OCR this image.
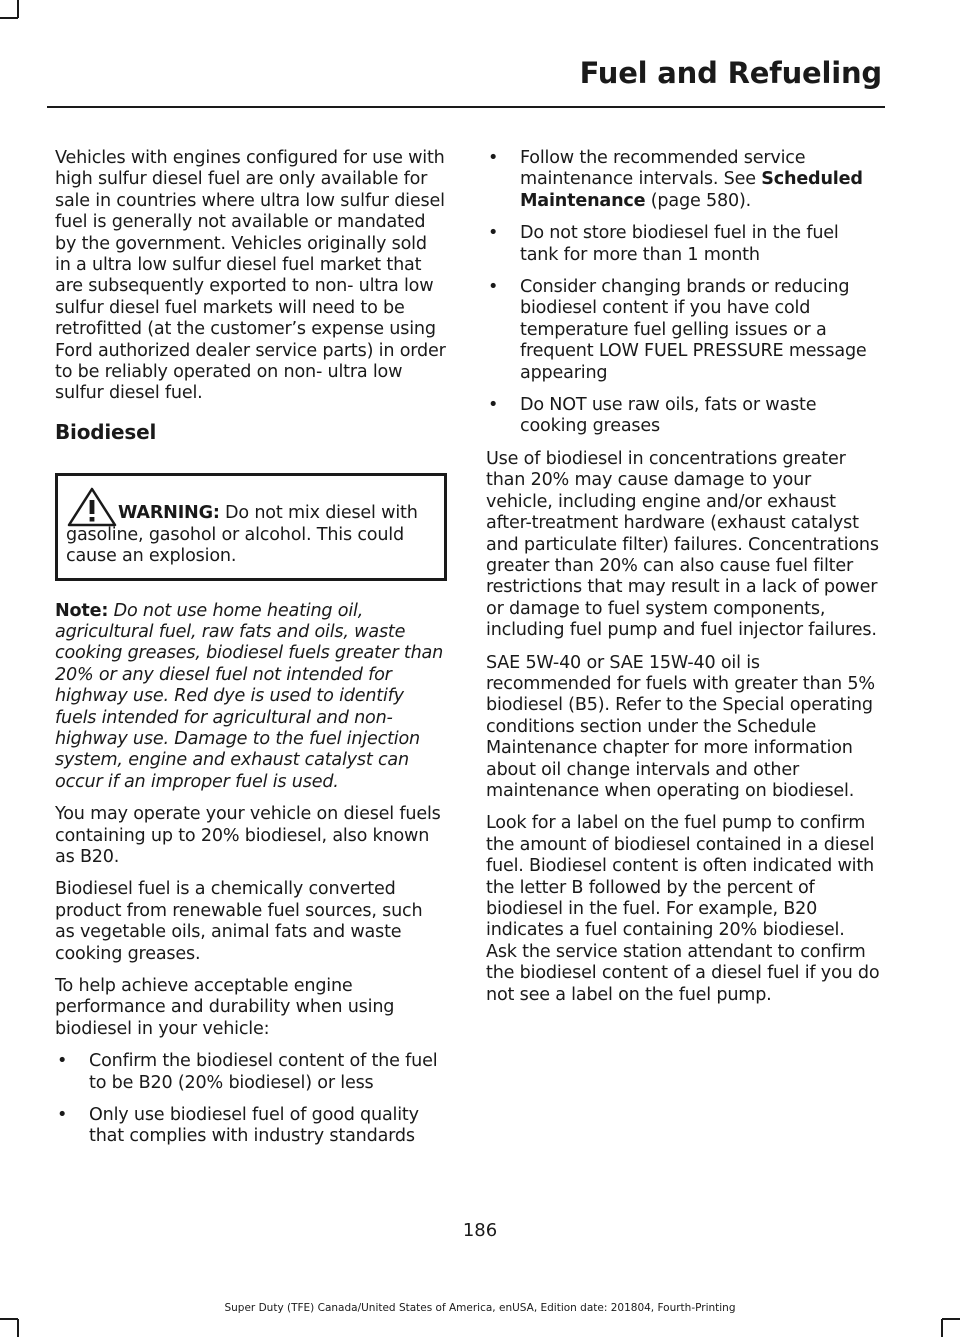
Fuel and Refueling

Vehicles with engines configured for use with high sulfur diesel fuel are only available for sale in countries where ultra low sulfur diesel fuel is generally not available or mandated by the government. Vehicles originally sold in a ultra low sulfur diesel fuel market that are subsequently exported to non- ultra low sulfur diesel fuel markets will need to be retrofitted (at the customer’s expense using Ford authorized dealer service parts) in order to be reliably operated on non- ultra low sulfur diesel fuel.

Biodiesel

WARNING: Do not mix diesel with gasoline, gasohol or alcohol. This could cause an explosion.

Note: Do not use home heating oil, agricultural fuel, raw fats and oils, waste cooking greases, biodiesel fuels greater than 20% or any diesel fuel not intended for highway use. Red dye is used to identify fuels intended for agricultural and non-highway use. Damage to the fuel injection system, engine and exhaust catalyst can occur if an improper fuel is used.

You may operate your vehicle on diesel fuels containing up to 20% biodiesel, also known as B20.

Biodiesel fuel is a chemically converted product from renewable fuel sources, such as vegetable oils, animal fats and waste cooking greases.

To help achieve acceptable engine performance and durability when using biodiesel in your vehicle:

• Confirm the biodiesel content of the fuel to be B20 (20% biodiesel) or less
• Only use biodiesel fuel of good quality that complies with industry standards
• Follow the recommended service maintenance intervals. See Scheduled Maintenance (page 580).
• Do not store biodiesel fuel in the fuel tank for more than 1 month
• Consider changing brands or reducing biodiesel content if you have cold temperature fuel gelling issues or a frequent LOW FUEL PRESSURE message appearing
• Do NOT use raw oils, fats or waste cooking greases

Use of biodiesel in concentrations greater than 20% may cause damage to your vehicle, including engine and/or exhaust after-treatment hardware (exhaust catalyst and particulate filter) failures. Concentrations greater than 20% can also cause fuel filter restrictions that may result in a lack of power or damage to fuel system components, including fuel pump and fuel injector failures.

SAE 5W-40 or SAE 15W-40 oil is recommended for fuels with greater than 5% biodiesel (B5). Refer to the Special operating conditions section under the Schedule Maintenance chapter for more information about oil change intervals and other maintenance when operating on biodiesel.

Look for a label on the fuel pump to confirm the amount of biodiesel contained in a diesel fuel. Biodiesel content is often indicated with the letter B followed by the percent of biodiesel in the fuel. For example, B20 indicates a fuel containing 20% biodiesel. Ask the service station attendant to confirm the biodiesel content of a diesel fuel if you do not see a label on the fuel pump.

186
Super Duty (TFE) Canada/United States of America, enUSA, Edition date: 201804, Fourth-Printing
